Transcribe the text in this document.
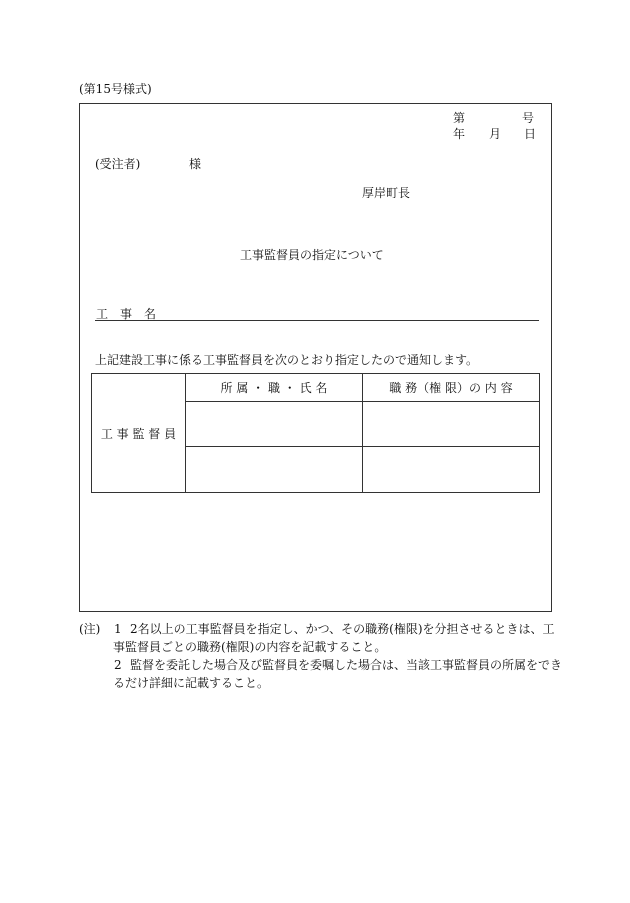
(第15号様式)
第	号
年 月 日
(受注者)	様
厚岸町長
工事監督員の指定について
工　事　名
上記建設工事に係る工事監督員を次のとおり指定したので通知します。
工 事 監 督 員	所 属 ・ 職 ・ 氏 名	職 務（権 限）の 内 容

(注) 1 2名以上の工事監督員を指定し、かつ、その職務(権限)を分担させるときは、工
事監督員ごとの職務(権限)の内容を記載すること。
2 監督を委託した場合及び監督員を委嘱した場合は、当該工事監督員の所属をでき
るだけ詳細に記載すること。
